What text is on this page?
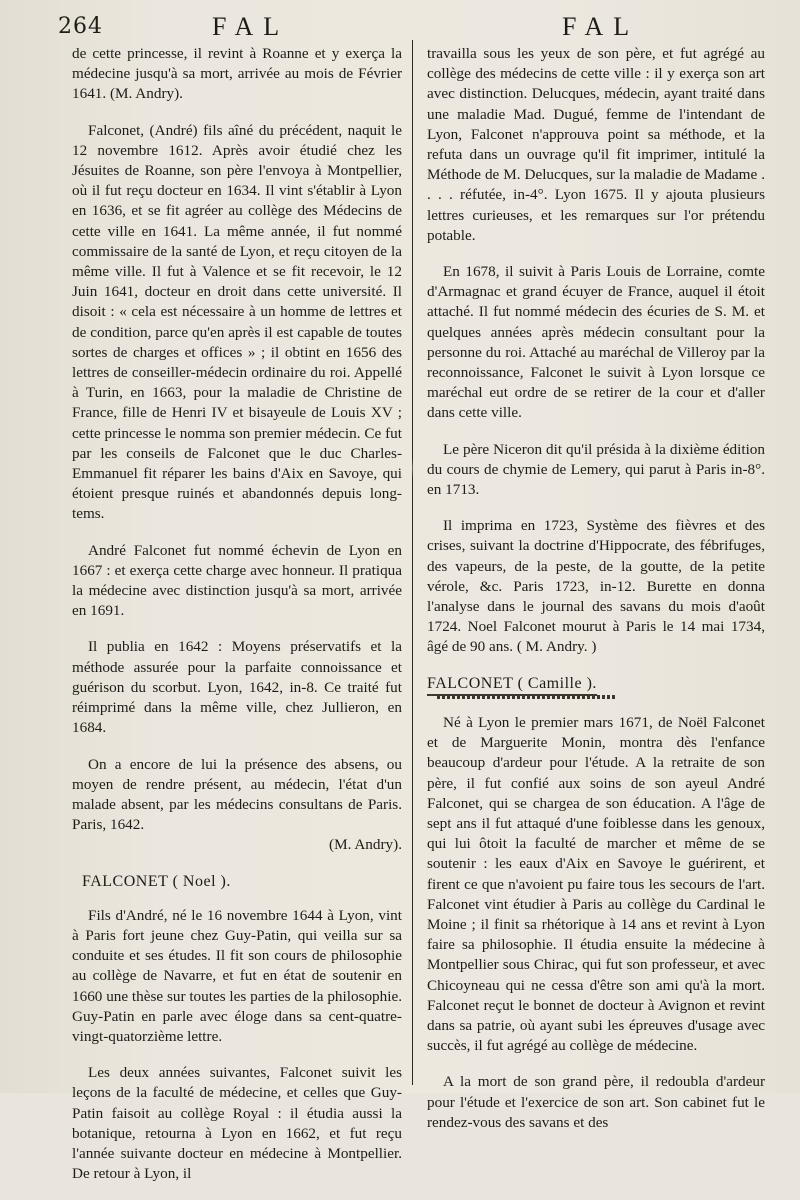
264	FAL	FAL

de cette princesse, il revint à Roanne et y exerça la médecine jusqu'à sa mort, arrivée au mois de Février 1641. (M. Andry).

Falconet, (André) fils aîné du précédent, naquit le 12 novembre 1612. Après avoir étudié chez les Jésuites de Roanne, son père l'envoya à Montpellier, où il fut reçu docteur en 1634. Il vint s'établir à Lyon en 1636, et se fit agréer au collège des Médecins de cette ville en 1641. La même année, il fut nommé commissaire de la santé de Lyon, et reçu citoyen de la même ville. Il fut à Valence et se fit recevoir, le 12 Juin 1641, docteur en droit dans cette université. Il disoit : « cela est nécessaire à un homme de lettres et de condition, parce qu'en après il est capable de toutes sortes de charges et offices » ; il obtint en 1656 des lettres de conseiller-médecin ordinaire du roi. Appellé à Turin, en 1663, pour la maladie de Christine de France, fille de Henri IV et bisayeule de Louis XV ; cette princesse le nomma son premier médecin. Ce fut par les conseils de Falconet que le duc Charles-Emmanuel fit réparer les bains d'Aix en Savoye, qui étoient presque ruinés et abandonnés depuis long-tems.

André Falconet fut nommé échevin de Lyon en 1667 : et exerça cette charge avec honneur. Il pratiqua la médecine avec distinction jusqu'à sa mort, arrivée en 1691.

Il publia en 1642 : Moyens préservatifs et la méthode assurée pour la parfaite connoissance et guérison du scorbut. Lyon, 1642, in-8. Ce traité fut réimprimé dans la même ville, chez Jullieron, en 1684.

On a encore de lui la présence des absens, ou moyen de rendre présent, au médecin, l'état d'un malade absent, par les médecins consultans de Paris. Paris, 1642.

(M. Andry).

FALCONET ( Noel ).

Fils d'André, né le 16 novembre 1644 à Lyon, vint à Paris fort jeune chez Guy-Patin, qui veilla sur sa conduite et ses études. Il fit son cours de philosophie au collège de Navarre, et fut en état de soutenir en 1660 une thèse sur toutes les parties de la philosophie. Guy-Patin en parle avec éloge dans sa cent-quatre-vingt-quatorzième lettre.

Les deux années suivantes, Falconet suivit les leçons de la faculté de médecine, et celles que Guy-Patin faisoit au collège Royal : il étudia aussi la botanique, retourna à Lyon en 1662, et fut reçu l'année suivante docteur en médecine à Montpellier. De retour à Lyon, il

travailla sous les yeux de son père, et fut agrégé au collège des médecins de cette ville : il y exerça son art avec distinction. Delucques, médecin, ayant traité dans une maladie Mad. Dugué, femme de l'intendant de Lyon, Falconet n'approuva point sa méthode, et la refuta dans un ouvrage qu'il fit imprimer, intitulé la Méthode de M. Delucques, sur la maladie de Madame . . . . réfutée, in-4°. Lyon 1675. Il y ajouta plusieurs lettres curieuses, et les remarques sur l'or prétendu potable.

En 1678, il suivit à Paris Louis de Lorraine, comte d'Armagnac et grand écuyer de France, auquel il étoit attaché. Il fut nommé médecin des écuries de S. M. et quelques années après médecin consultant pour la personne du roi. Attaché au maréchal de Villeroy par la reconnoissance, Falconet le suivit à Lyon lorsque ce maréchal eut ordre de se retirer de la cour et d'aller dans cette ville.

Le père Niceron dit qu'il présida à la dixième édition du cours de chymie de Lemery, qui parut à Paris in-8°. en 1713.

Il imprima en 1723, Système des fièvres et des crises, suivant la doctrine d'Hippocrate, des fébrifuges, des vapeurs, de la peste, de la goutte, de la petite vérole, &c. Paris 1723, in-12. Burette en donna l'analyse dans le journal des savans du mois d'août 1724. Noel Falconet mourut à Paris le 14 mai 1734, âgé de 90 ans. ( M. Andry. )

FALCONET ( Camille ).

Né à Lyon le premier mars 1671, de Noël Falconet et de Marguerite Monin, montra dès l'enfance beaucoup d'ardeur pour l'étude. A la retraite de son père, il fut confié aux soins de son ayeul André Falconet, qui se chargea de son éducation. A l'âge de sept ans il fut attaqué d'une foiblesse dans les genoux, qui lui ôtoit la faculté de marcher et même de se soutenir : les eaux d'Aix en Savoye le guérirent, et firent ce que n'avoient pu faire tous les secours de l'art. Falconet vint étudier à Paris au collège du Cardinal le Moine ; il finit sa rhétorique à 14 ans et revint à Lyon faire sa philosophie. Il étudia ensuite la médecine à Montpellier sous Chirac, qui fut son professeur, et avec Chicoyneau qui ne cessa d'être son ami qu'à la mort. Falconet reçut le bonnet de docteur à Avignon et revint dans sa patrie, où ayant subi les épreuves d'usage avec succès, il fut agrégé au collège de médecine.

A la mort de son grand père, il redoubla d'ardeur pour l'étude et l'exercice de son art. Son cabinet fut le rendez-vous des savans et des
